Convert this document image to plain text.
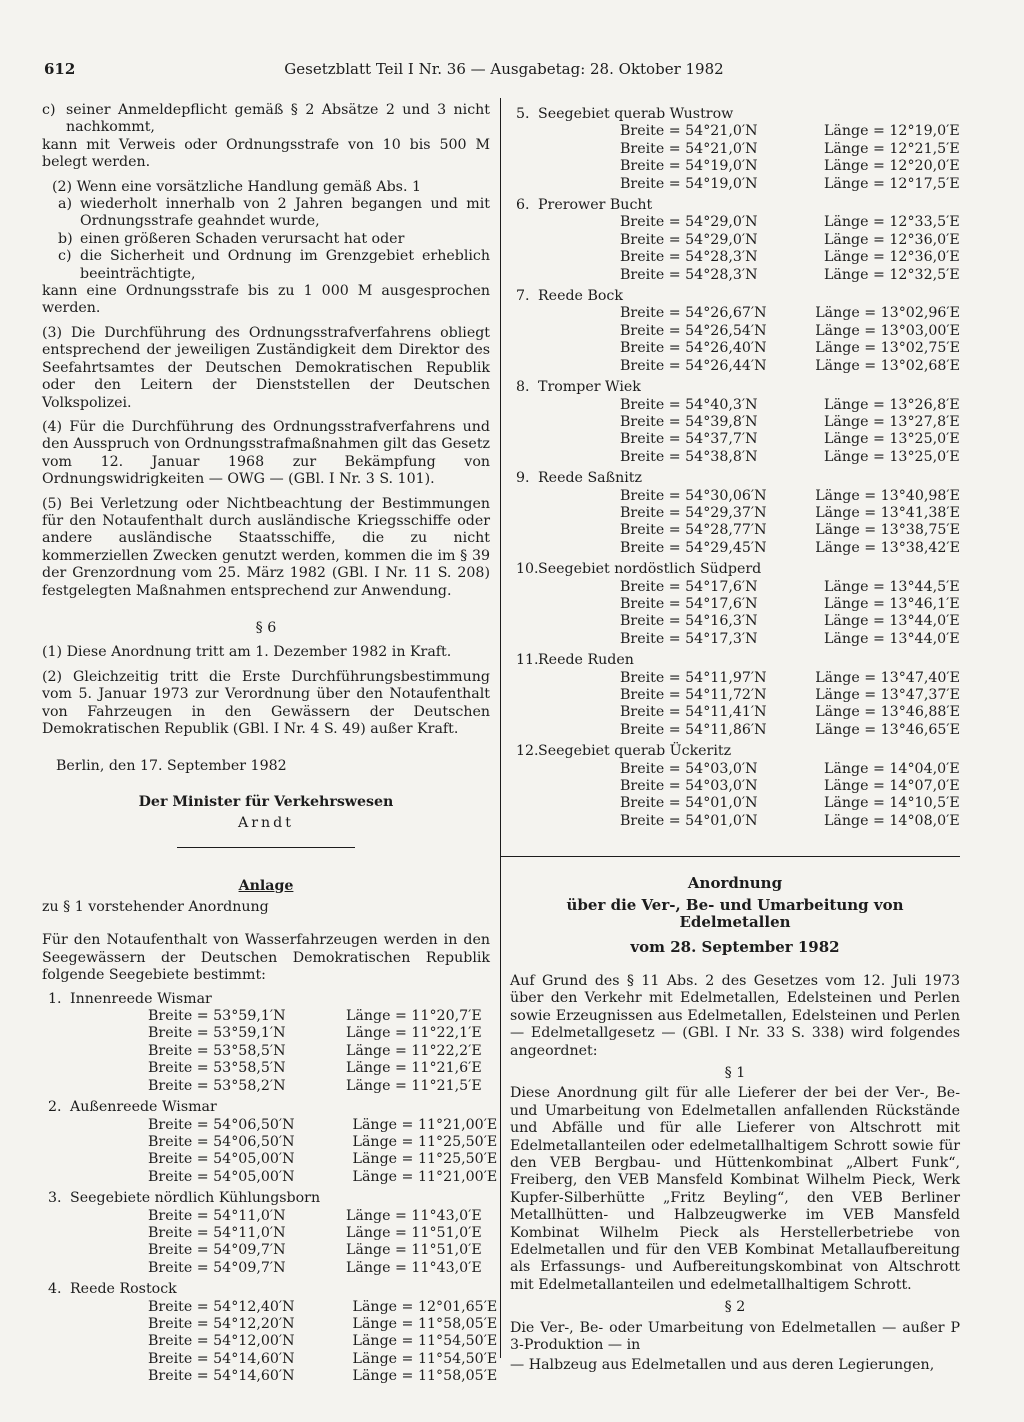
612	Gesetzblatt Teil I Nr. 36 — Ausgabetag: 28. Oktober 1982
c) seiner Anmeldepflicht gemäß § 2 Absätze 2 und 3 nicht nachkommt,

kann mit Verweis oder Ordnungsstrafe von 10 bis 500 M belegt werden.

(2) Wenn eine vorsätzliche Handlung gemäß Abs. 1

a) wiederholt innerhalb von 2 Jahren begangen und mit Ordnungsstrafe geahndet wurde,
b) einen größeren Schaden verursacht hat oder
c) die Sicherheit und Ordnung im Grenzgebiet erheblich beeinträchtigte,

kann eine Ordnungsstrafe bis zu 1 000 M ausgesprochen werden.

(3) Die Durchführung des Ordnungsstrafverfahrens obliegt entsprechend der jeweiligen Zuständigkeit dem Direktor des Seefahrtsamtes der Deutschen Demokratischen Republik oder den Leitern der Dienststellen der Deutschen Volkspolizei.

(4) Für die Durchführung des Ordnungsstrafverfahrens und den Ausspruch von Ordnungsstrafmaßnahmen gilt das Gesetz vom 12. Januar 1968 zur Bekämpfung von Ordnungswidrigkeiten — OWG — (GBl. I Nr. 3 S. 101).

(5) Bei Verletzung oder Nichtbeachtung der Bestimmungen für den Notaufenthalt durch ausländische Kriegsschiffe oder andere ausländische Staatsschiffe, die zu nicht kommerziellen Zwecken genutzt werden, kommen die im § 39 der Grenzordnung vom 25. März 1982 (GBl. I Nr. 11 S. 208) festgelegten Maßnahmen entsprechend zur Anwendung.

§ 6

(1) Diese Anordnung tritt am 1. Dezember 1982 in Kraft.

(2) Gleichzeitig tritt die Erste Durchführungsbestimmung vom 5. Januar 1973 zur Verordnung über den Notaufenthalt von Fahrzeugen in den Gewässern der Deutschen Demokratischen Republik (GBl. I Nr. 4 S. 49) außer Kraft.

Berlin, den 17. September 1982

Der Minister für Verkehrswesen

Arndt

Anlage

zu § 1 vorstehender Anordnung

Für den Notaufenthalt von Wasserfahrzeugen werden in den Seegewässern der Deutschen Demokratischen Republik folgende Seegebiete bestimmt:

1. Innenreede Wismar
Breite = 53°59,1′N	Länge = 11°20,7′E
Breite = 53°59,1′N	Länge = 11°22,1′E
Breite = 53°58,5′N	Länge = 11°22,2′E
Breite = 53°58,5′N	Länge = 11°21,6′E
Breite = 53°58,2′N	Länge = 11°21,5′E
2. Außenreede Wismar
Breite = 54°06,50′N	Länge = 11°21,00′E
Breite = 54°06,50′N	Länge = 11°25,50′E
Breite = 54°05,00′N	Länge = 11°25,50′E
Breite = 54°05,00′N	Länge = 11°21,00′E
3. Seegebiete nördlich Kühlungsborn
Breite = 54°11,0′N	Länge = 11°43,0′E
Breite = 54°11,0′N	Länge = 11°51,0′E
Breite = 54°09,7′N	Länge = 11°51,0′E
Breite = 54°09,7′N	Länge = 11°43,0′E
4. Reede Rostock
Breite = 54°12,40′N	Länge = 12°01,65′E
Breite = 54°12,20′N	Länge = 11°58,05′E
Breite = 54°12,00′N	Länge = 11°54,50′E
Breite = 54°14,60′N	Länge = 11°54,50′E
Breite = 54°14,60′N	Länge = 11°58,05′E
5. Seegebiet querab Wustrow
Breite = 54°21,0′N	Länge = 12°19,0′E
Breite = 54°21,0′N	Länge = 12°21,5′E
Breite = 54°19,0′N	Länge = 12°20,0′E
Breite = 54°19,0′N	Länge = 12°17,5′E
6. Prerower Bucht
Breite = 54°29,0′N	Länge = 12°33,5′E
Breite = 54°29,0′N	Länge = 12°36,0′E
Breite = 54°28,3′N	Länge = 12°36,0′E
Breite = 54°28,3′N	Länge = 12°32,5′E
7. Reede Bock
Breite = 54°26,67′N	Länge = 13°02,96′E
Breite = 54°26,54′N	Länge = 13°03,00′E
Breite = 54°26,40′N	Länge = 13°02,75′E
Breite = 54°26,44′N	Länge = 13°02,68′E
8. Tromper Wiek
Breite = 54°40,3′N	Länge = 13°26,8′E
Breite = 54°39,8′N	Länge = 13°27,8′E
Breite = 54°37,7′N	Länge = 13°25,0′E
Breite = 54°38,8′N	Länge = 13°25,0′E
9. Reede Saßnitz
Breite = 54°30,06′N	Länge = 13°40,98′E
Breite = 54°29,37′N	Länge = 13°41,38′E
Breite = 54°28,77′N	Länge = 13°38,75′E
Breite = 54°29,45′N	Länge = 13°38,42′E
10.Seegebiet nordöstlich Südperd
Breite = 54°17,6′N	Länge = 13°44,5′E
Breite = 54°17,6′N	Länge = 13°46,1′E
Breite = 54°16,3′N	Länge = 13°44,0′E
Breite = 54°17,3′N	Länge = 13°44,0′E
11.Reede Ruden
Breite = 54°11,97′N	Länge = 13°47,40′E
Breite = 54°11,72′N	Länge = 13°47,37′E
Breite = 54°11,41′N	Länge = 13°46,88′E
Breite = 54°11,86′N	Länge = 13°46,65′E
12.Seegebiet querab Ückeritz
Breite = 54°03,0′N	Länge = 14°04,0′E
Breite = 54°03,0′N	Länge = 14°07,0′E
Breite = 54°01,0′N	Länge = 14°10,5′E
Breite = 54°01,0′N	Länge = 14°08,0′E

Anordnung

über die Ver-, Be- und Umarbeitung von Edelmetallen

vom 28. September 1982

Auf Grund des § 11 Abs. 2 des Gesetzes vom 12. Juli 1973 über den Verkehr mit Edelmetallen, Edelsteinen und Perlen sowie Erzeugnissen aus Edelmetallen, Edelsteinen und Perlen — Edelmetallgesetz — (GBl. I Nr. 33 S. 338) wird folgendes angeordnet:

§ 1

Diese Anordnung gilt für alle Lieferer der bei der Ver-, Be- und Umarbeitung von Edelmetallen anfallenden Rückstände und Abfälle und für alle Lieferer von Altschrott mit Edelmetallanteilen oder edelmetallhaltigem Schrott sowie für den VEB Bergbau- und Hüttenkombinat „Albert Funk“, Freiberg, den VEB Mansfeld Kombinat Wilhelm Pieck, Werk Kupfer-Silberhütte „Fritz Beyling“, den VEB Berliner Metallhütten- und Halbzeugwerke im VEB Mansfeld Kombinat Wilhelm Pieck als Herstellerbetriebe von Edelmetallen und für den VEB Kombinat Metallaufbereitung als Erfassungs- und Aufbereitungskombinat von Altschrott mit Edelmetallanteilen und edelmetallhaltigem Schrott.

§ 2

Die Ver-, Be- oder Umarbeitung von Edelmetallen — außer P 3-Produktion — in

— Halbzeug aus Edelmetallen und aus deren Legierungen,
